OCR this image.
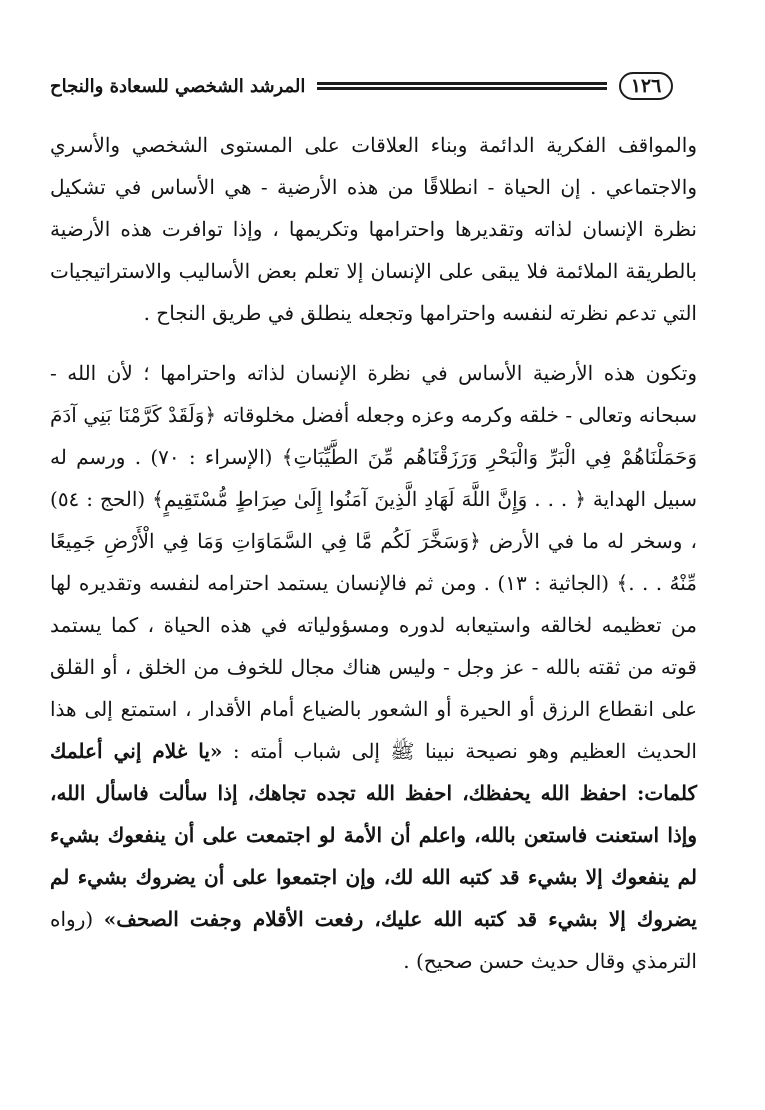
١٢٦
المرشد الشخصي للسعادة والنجاح

والمواقف الفكرية الدائمة وبناء العلاقات على المستوى الشخصي والأسري والاجتماعي . إن الحياة - انطلاقًا من هذه الأرضية - هي الأساس في تشكيل نظرة الإنسان لذاته وتقديرها واحترامها وتكريمها ، وإذا توافرت هذه الأرضية بالطريقة الملائمة فلا يبقى على الإنسان إلا تعلم بعض الأساليب والاستراتيجيات التي تدعم نظرته لنفسه واحترامها وتجعله ينطلق في طريق النجاح .

وتكون هذه الأرضية الأساس في نظرة الإنسان لذاته واحترامها ؛ لأن الله - سبحانه وتعالى - خلقه وكرمه وعزه وجعله أفضل مخلوقاته ﴿وَلَقَدْ كَرَّمْنَا بَنِي آدَمَ وَحَمَلْنَاهُمْ فِي الْبَرِّ وَالْبَحْرِ وَرَزَقْنَاهُم مِّنَ الطَّيِّبَاتِ﴾ (الإسراء : ٧٠) . ورسم له سبيل الهداية ﴿ . . . وَإِنَّ اللَّهَ لَهَادِ الَّذِينَ آمَنُوا إِلَىٰ صِرَاطٍ مُّسْتَقِيمٍ﴾ (الحج : ٥٤) ، وسخر له ما في الأرض ﴿وَسَخَّرَ لَكُم مَّا فِي السَّمَاوَاتِ وَمَا فِي الْأَرْضِ جَمِيعًا مِّنْهُ . . .﴾ (الجاثية : ١٣) . ومن ثم فالإنسان يستمد احترامه لنفسه وتقديره لها من تعظيمه لخالقه واستيعابه لدوره ومسؤولياته في هذه الحياة ، كما يستمد قوته من ثقته بالله - عز وجل - وليس هناك مجال للخوف من الخلق ، أو القلق على انقطاع الرزق أو الحيرة أو الشعور بالضياع أمام الأقدار ، استمتع إلى هذا الحديث العظيم وهو نصيحة نبينا ﷺ إلى شباب أمته : «يا غلام إني أعلمك كلمات: احفظ الله يحفظك، احفظ الله تجده تجاهك، إذا سألت فاسأل الله، وإذا استعنت فاستعن بالله، واعلم أن الأمة لو اجتمعت على أن ينفعوك بشيء لم ينفعوك إلا بشيء قد كتبه الله لك، وإن اجتمعوا على أن يضروك بشيء لم يضروك إلا بشيء قد كتبه الله عليك، رفعت الأقلام وجفت الصحف» (رواه الترمذي وقال حديث حسن صحيح) .
